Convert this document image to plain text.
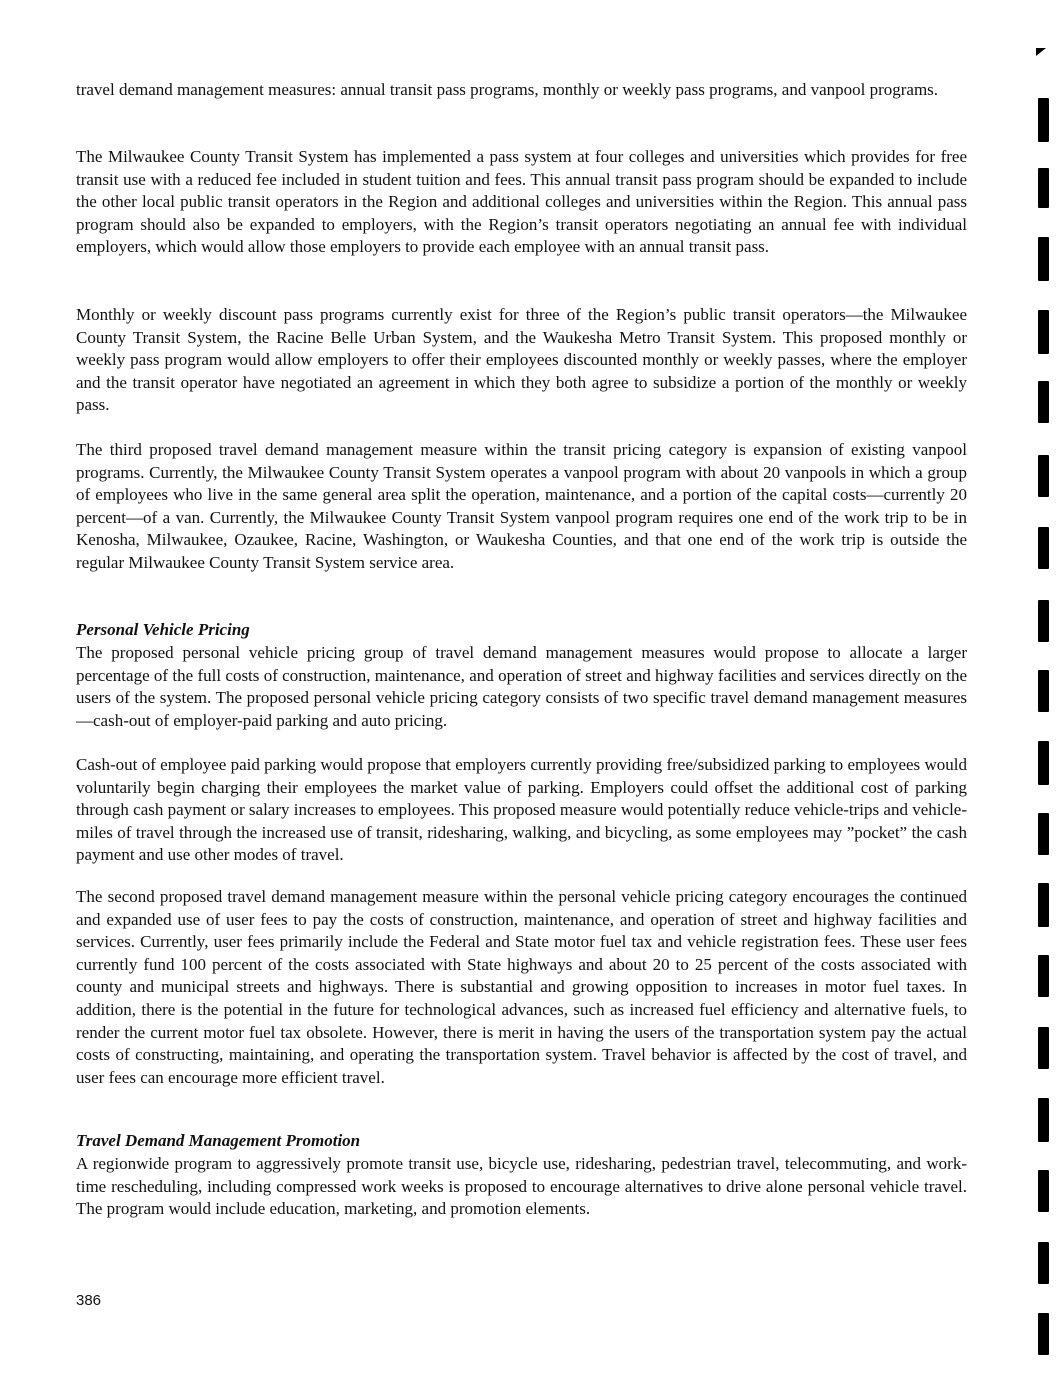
travel demand management measures: annual transit pass programs, monthly or weekly pass programs, and vanpool programs.

The Milwaukee County Transit System has implemented a pass system at four colleges and universities which provides for free transit use with a reduced fee included in student tuition and fees. This annual transit pass program should be expanded to include the other local public transit operators in the Region and additional colleges and universities within the Region. This annual pass program should also be expanded to employers, with the Region’s transit operators negotiating an annual fee with individual employers, which would allow those employers to provide each employee with an annual transit pass.

Monthly or weekly discount pass programs currently exist for three of the Region’s public transit operators—the Milwaukee County Transit System, the Racine Belle Urban System, and the Waukesha Metro Transit System. This proposed monthly or weekly pass program would allow employers to offer their employees discounted monthly or weekly passes, where the employer and the transit operator have negotiated an agreement in which they both agree to subsidize a portion of the monthly or weekly pass.

The third proposed travel demand management measure within the transit pricing category is expansion of existing vanpool programs. Currently, the Milwaukee County Transit System operates a vanpool program with about 20 vanpools in which a group of employees who live in the same general area split the operation, maintenance, and a portion of the capital costs—currently 20 percent—of a van. Currently, the Milwaukee County Transit System vanpool program requires one end of the work trip to be in Kenosha, Milwaukee, Ozaukee, Racine, Washington, or Waukesha Counties, and that one end of the work trip is outside the regular Milwaukee County Transit System service area.

Personal Vehicle Pricing

The proposed personal vehicle pricing group of travel demand management measures would propose to allocate a larger percentage of the full costs of construction, maintenance, and operation of street and highway facilities and services directly on the users of the system. The proposed personal vehicle pricing category consists of two specific travel demand management measures—cash-out of employer-paid parking and auto pricing.

Cash-out of employee paid parking would propose that employers currently providing free/subsidized parking to employees would voluntarily begin charging their employees the market value of parking. Employers could offset the additional cost of parking through cash payment or salary increases to employees. This proposed measure would potentially reduce vehicle-trips and vehicle-miles of travel through the increased use of transit, ridesharing, walking, and bicycling, as some employees may ”pocket” the cash payment and use other modes of travel.

The second proposed travel demand management measure within the personal vehicle pricing category encourages the continued and expanded use of user fees to pay the costs of construction, maintenance, and operation of street and highway facilities and services. Currently, user fees primarily include the Federal and State motor fuel tax and vehicle registration fees. These user fees currently fund 100 percent of the costs associated with State highways and about 20 to 25 percent of the costs associated with county and municipal streets and highways. There is substantial and growing opposition to increases in motor fuel taxes. In addition, there is the potential in the future for technological advances, such as increased fuel efficiency and alternative fuels, to render the current motor fuel tax obsolete. However, there is merit in having the users of the transportation system pay the actual costs of constructing, maintaining, and operating the transportation system. Travel behavior is affected by the cost of travel, and user fees can encourage more efficient travel.

Travel Demand Management Promotion

A regionwide program to aggressively promote transit use, bicycle use, ridesharing, pedestrian travel, telecommuting, and work-time rescheduling, including compressed work weeks is proposed to encourage alternatives to drive alone personal vehicle travel. The program would include education, marketing, and promotion elements.

386
